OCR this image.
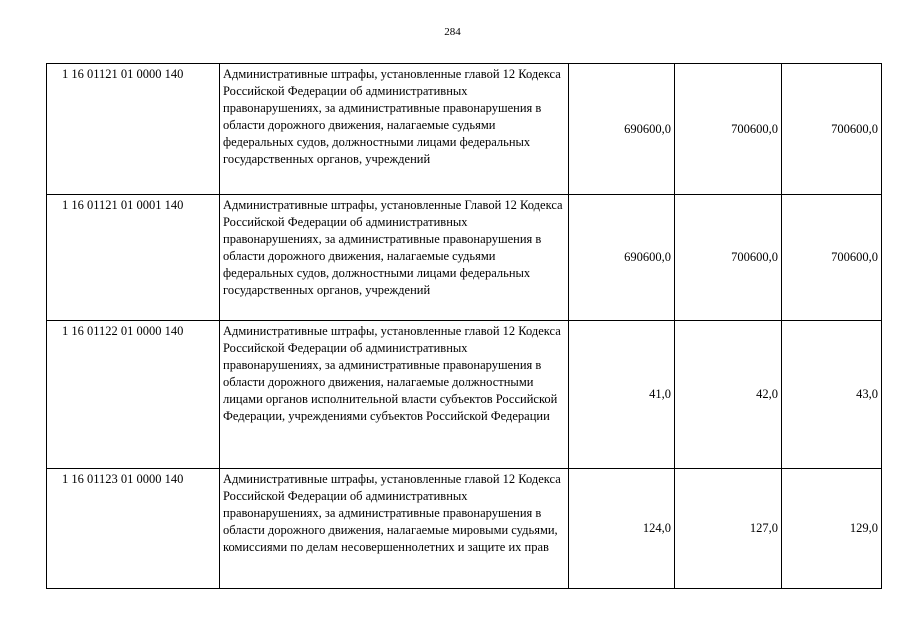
284
1 16 01121 01 0000 140	Административные штрафы, установленные главой 12 Кодекса Российской Федерации об административных правонарушениях, за административные правонарушения в области дорожного движения, налагаемые судьями федеральных судов, должностными лицами федеральных государственных органов, учреждений	690600,0	700600,0	700600,0
1 16 01121 01 0001 140	Административные штрафы, установленные Главой 12 Кодекса Российской Федерации об административных правонарушениях, за административные правонарушения в области дорожного движения, налагаемые судьями федеральных судов, должностными лицами федеральных государственных органов, учреждений	690600,0	700600,0	700600,0
1 16 01122 01 0000 140	Административные штрафы, установленные главой 12 Кодекса Российской Федерации об административных правонарушениях, за административные правонарушения в области дорожного движения, налагаемые должностными лицами органов исполнительной власти субъектов Российской Федерации, учреждениями субъектов Российской Федерации	41,0	42,0	43,0
1 16 01123 01 0000 140	Административные штрафы, установленные главой 12 Кодекса Российской Федерации об административных правонарушениях, за административные правонарушения в области дорожного движения, налагаемые мировыми судьями, комиссиями по делам несовершеннолетних и защите их прав	124,0	127,0	129,0
